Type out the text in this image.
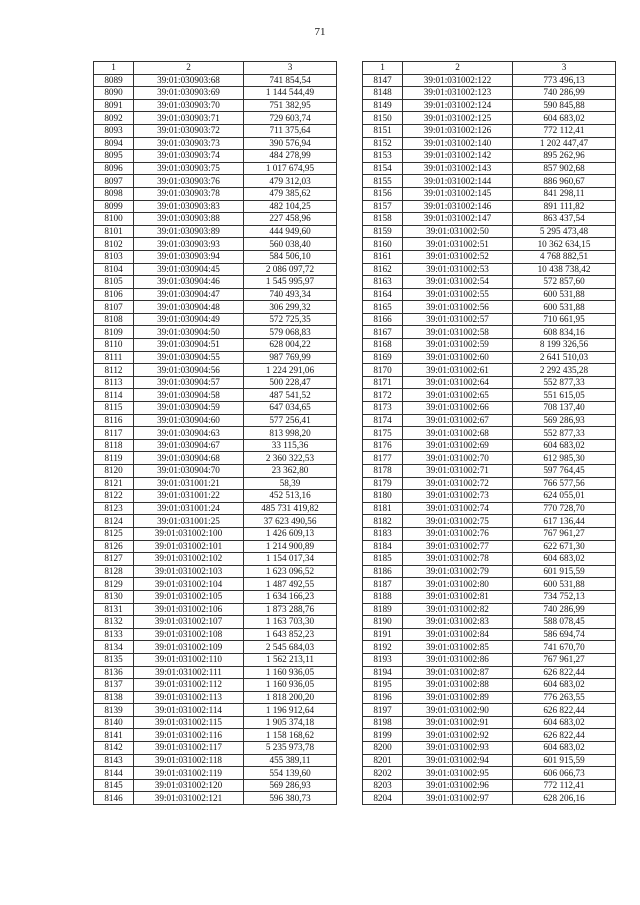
71
1	2	3
8089	39:01:030903:68	741 854,54
8090	39:01:030903:69	1 144 544,49
8091	39:01:030903:70	751 382,95
8092	39:01:030903:71	729 603,74
8093	39:01:030903:72	711 375,64
8094	39:01:030903:73	390 576,94
8095	39:01:030903:74	484 278,99
8096	39:01:030903:75	1 017 674,95
8097	39:01:030903:76	479 312,03
8098	39:01:030903:78	479 385,62
8099	39:01:030903:83	482 104,25
8100	39:01:030903:88	227 458,96
8101	39:01:030903:89	444 949,60
8102	39:01:030903:93	560 038,40
8103	39:01:030903:94	584 506,10
8104	39:01:030904:45	2 086 097,72
8105	39:01:030904:46	1 545 995,97
8106	39:01:030904:47	740 493,34
8107	39:01:030904:48	306 299,32
8108	39:01:030904:49	572 725,35
8109	39:01:030904:50	579 068,83
8110	39:01:030904:51	628 004,22
8111	39:01:030904:55	987 769,99
8112	39:01:030904:56	1 224 291,06
8113	39:01:030904:57	500 228,47
8114	39:01:030904:58	487 541,52
8115	39:01:030904:59	647 034,65
8116	39:01:030904:60	577 256,41
8117	39:01:030904:63	813 998,20
8118	39:01:030904:67	33 115,36
8119	39:01:030904:68	2 360 322,53
8120	39:01:030904:70	23 362,80
8121	39:01:031001:21	58,39
8122	39:01:031001:22	452 513,16
8123	39:01:031001:24	485 731 419,82
8124	39:01:031001:25	37 623 490,56
8125	39:01:031002:100	1 426 609,13
8126	39:01:031002:101	1 214 900,89
8127	39:01:031002:102	1 154 017,34
8128	39:01:031002:103	1 623 096,52
8129	39:01:031002:104	1 487 492,55
8130	39:01:031002:105	1 634 166,23
8131	39:01:031002:106	1 873 288,76
8132	39:01:031002:107	1 163 703,30
8133	39:01:031002:108	1 643 852,23
8134	39:01:031002:109	2 545 684,03
8135	39:01:031002:110	1 562 213,11
8136	39:01:031002:111	1 160 936,05
8137	39:01:031002:112	1 160 936,05
8138	39:01:031002:113	1 818 200,20
8139	39:01:031002:114	1 196 912,64
8140	39:01:031002:115	1 905 374,18
8141	39:01:031002:116	1 158 168,62
8142	39:01:031002:117	5 235 973,78
8143	39:01:031002:118	455 389,11
8144	39:01:031002:119	554 139,60
8145	39:01:031002:120	569 286,93
8146	39:01:031002:121	596 380,73
1	2	3
8147	39:01:031002:122	773 496,13
8148	39:01:031002:123	740 286,99
8149	39:01:031002:124	590 845,88
8150	39:01:031002:125	604 683,02
8151	39:01:031002:126	772 112,41
8152	39:01:031002:140	1 202 447,47
8153	39:01:031002:142	895 262,96
8154	39:01:031002:143	857 902,68
8155	39:01:031002:144	886 960,67
8156	39:01:031002:145	841 298,11
8157	39:01:031002:146	891 111,82
8158	39:01:031002:147	863 437,54
8159	39:01:031002:50	5 295 473,48
8160	39:01:031002:51	10 362 634,15
8161	39:01:031002:52	4 768 882,51
8162	39:01:031002:53	10 438 738,42
8163	39:01:031002:54	572 857,60
8164	39:01:031002:55	600 531,88
8165	39:01:031002:56	600 531,88
8166	39:01:031002:57	710 661,95
8167	39:01:031002:58	608 834,16
8168	39:01:031002:59	8 199 326,56
8169	39:01:031002:60	2 641 510,03
8170	39:01:031002:61	2 292 435,28
8171	39:01:031002:64	552 877,33
8172	39:01:031002:65	551 615,05
8173	39:01:031002:66	708 137,40
8174	39:01:031002:67	569 286,93
8175	39:01:031002:68	552 877,33
8176	39:01:031002:69	604 683,02
8177	39:01:031002:70	612 985,30
8178	39:01:031002:71	597 764,45
8179	39:01:031002:72	766 577,56
8180	39:01:031002:73	624 055,01
8181	39:01:031002:74	770 728,70
8182	39:01:031002:75	617 136,44
8183	39:01:031002:76	767 961,27
8184	39:01:031002:77	622 671,30
8185	39:01:031002:78	604 683,02
8186	39:01:031002:79	601 915,59
8187	39:01:031002:80	600 531,88
8188	39:01:031002:81	734 752,13
8189	39:01:031002:82	740 286,99
8190	39:01:031002:83	588 078,45
8191	39:01:031002:84	586 694,74
8192	39:01:031002:85	741 670,70
8193	39:01:031002:86	767 961,27
8194	39:01:031002:87	626 822,44
8195	39:01:031002:88	604 683,02
8196	39:01:031002:89	776 263,55
8197	39:01:031002:90	626 822,44
8198	39:01:031002:91	604 683,02
8199	39:01:031002:92	626 822,44
8200	39:01:031002:93	604 683,02
8201	39:01:031002:94	601 915,59
8202	39:01:031002:95	606 066,73
8203	39:01:031002:96	772 112,41
8204	39:01:031002:97	628 206,16
